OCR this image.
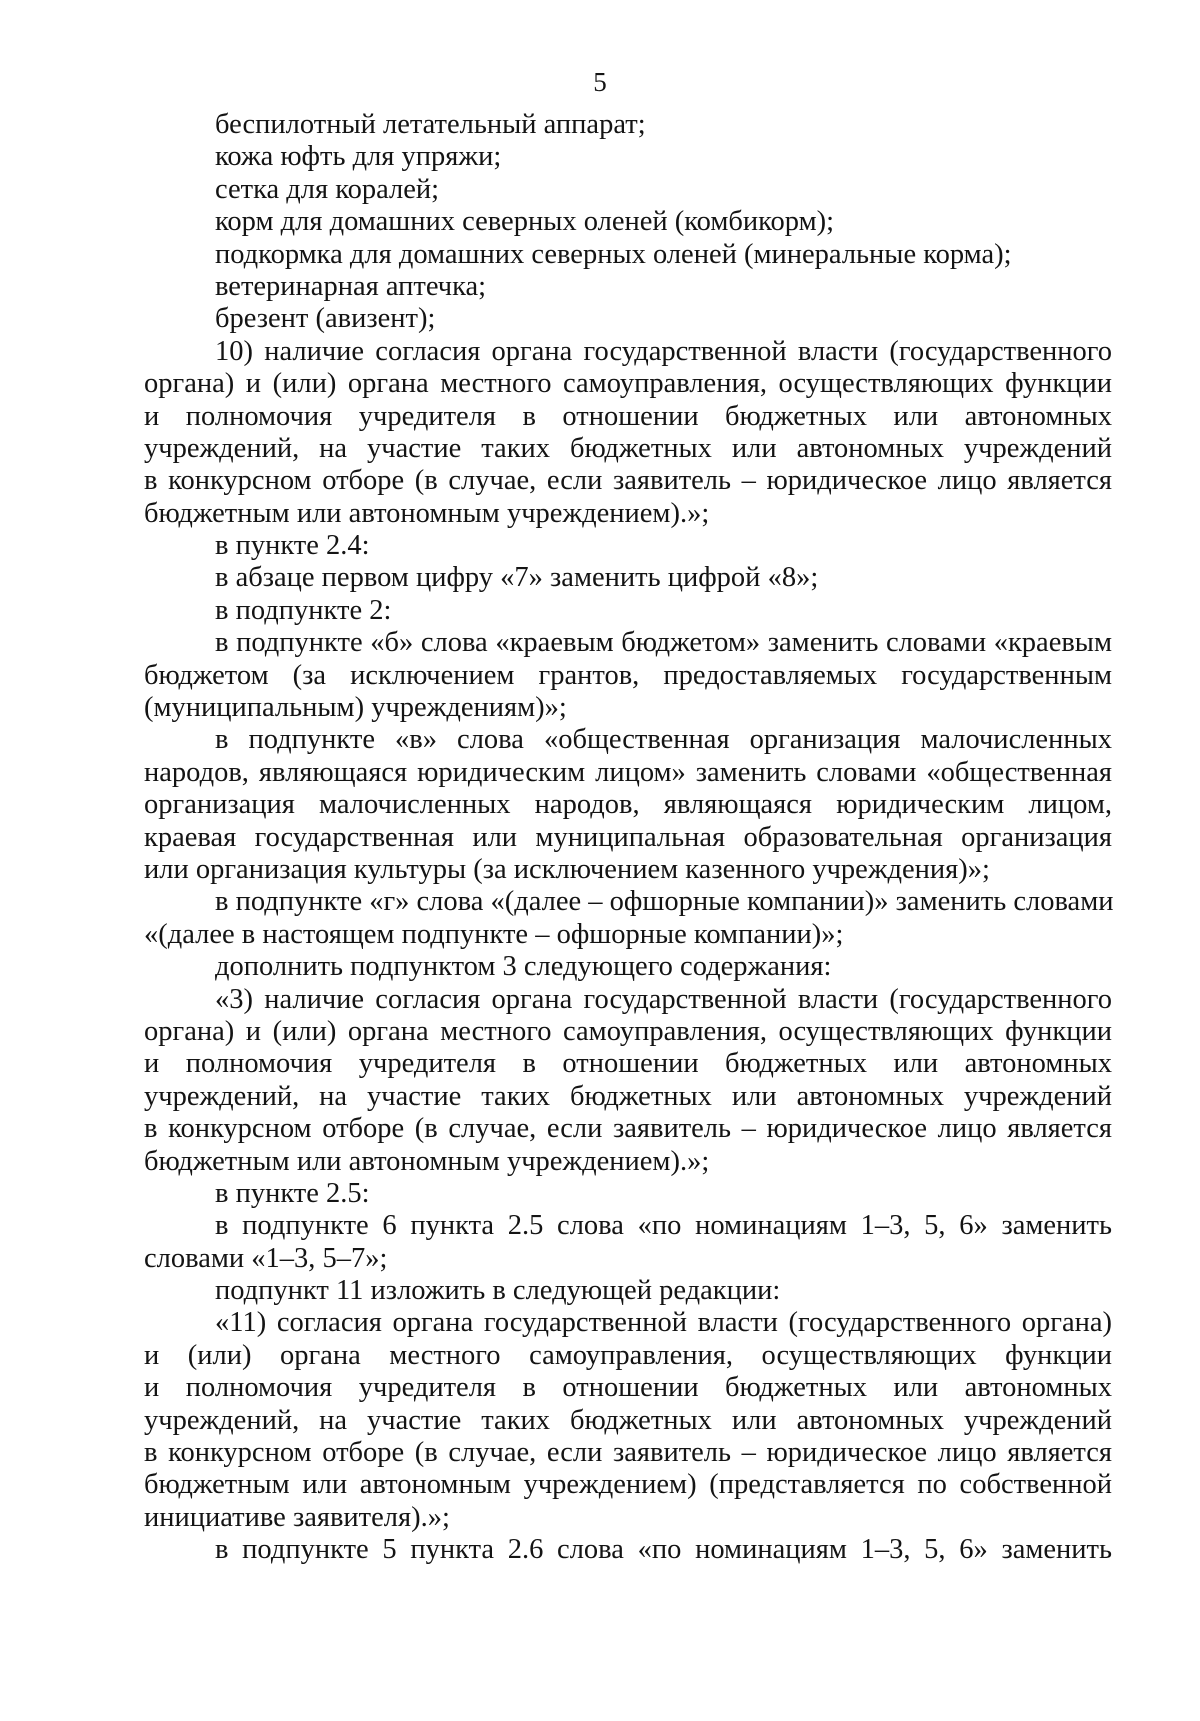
5
беспилотный летательный аппарат;
кожа юфть для упряжи;
сетка для коралей;
корм для домашних северных оленей (комбикорм);
подкормка для домашних северных оленей (минеральные корма);
ветеринарная аптечка;
брезент (авизент);
10) наличие согласия органа государственной власти (государственного
органа) и (или) органа местного самоуправления, осуществляющих функции
и полномочия учредителя в отношении бюджетных или автономных
учреждений, на участие таких бюджетных или автономных учреждений
в конкурсном отборе (в случае, если заявитель – юридическое лицо является
бюджетным или автономным учреждением).»;
в пункте 2.4:
в абзаце первом цифру «7» заменить цифрой «8»;
в подпункте 2:
в подпункте «б» слова «краевым бюджетом» заменить словами «краевым
бюджетом (за исключением грантов, предоставляемых государственным
(муниципальным) учреждениям)»;
в подпункте «в» слова «общественная организация малочисленных
народов, являющаяся юридическим лицом» заменить словами «общественная
организация малочисленных народов, являющаяся юридическим лицом,
краевая государственная или муниципальная образовательная организация
или организация культуры (за исключением казенного учреждения)»;
в подпункте «г» слова «(далее – офшорные компании)» заменить словами
«(далее в настоящем подпункте – офшорные компании)»;
дополнить подпунктом 3 следующего содержания:
«3) наличие согласия органа государственной власти (государственного
органа) и (или) органа местного самоуправления, осуществляющих функции
и полномочия учредителя в отношении бюджетных или автономных
учреждений, на участие таких бюджетных или автономных учреждений
в конкурсном отборе (в случае, если заявитель – юридическое лицо является
бюджетным или автономным учреждением).»;
в пункте 2.5:
в подпункте 6 пункта 2.5 слова «по номинациям 1–3, 5, 6» заменить
словами «1–3, 5–7»;
подпункт 11 изложить в следующей редакции:
«11) согласия органа государственной власти (государственного органа)
и (или) органа местного самоуправления, осуществляющих функции
и полномочия учредителя в отношении бюджетных или автономных
учреждений, на участие таких бюджетных или автономных учреждений
в конкурсном отборе (в случае, если заявитель – юридическое лицо является
бюджетным или автономным учреждением) (представляется по собственной
инициативе заявителя).»;
в подпункте 5 пункта 2.6 слова «по номинациям 1–3, 5, 6» заменить
